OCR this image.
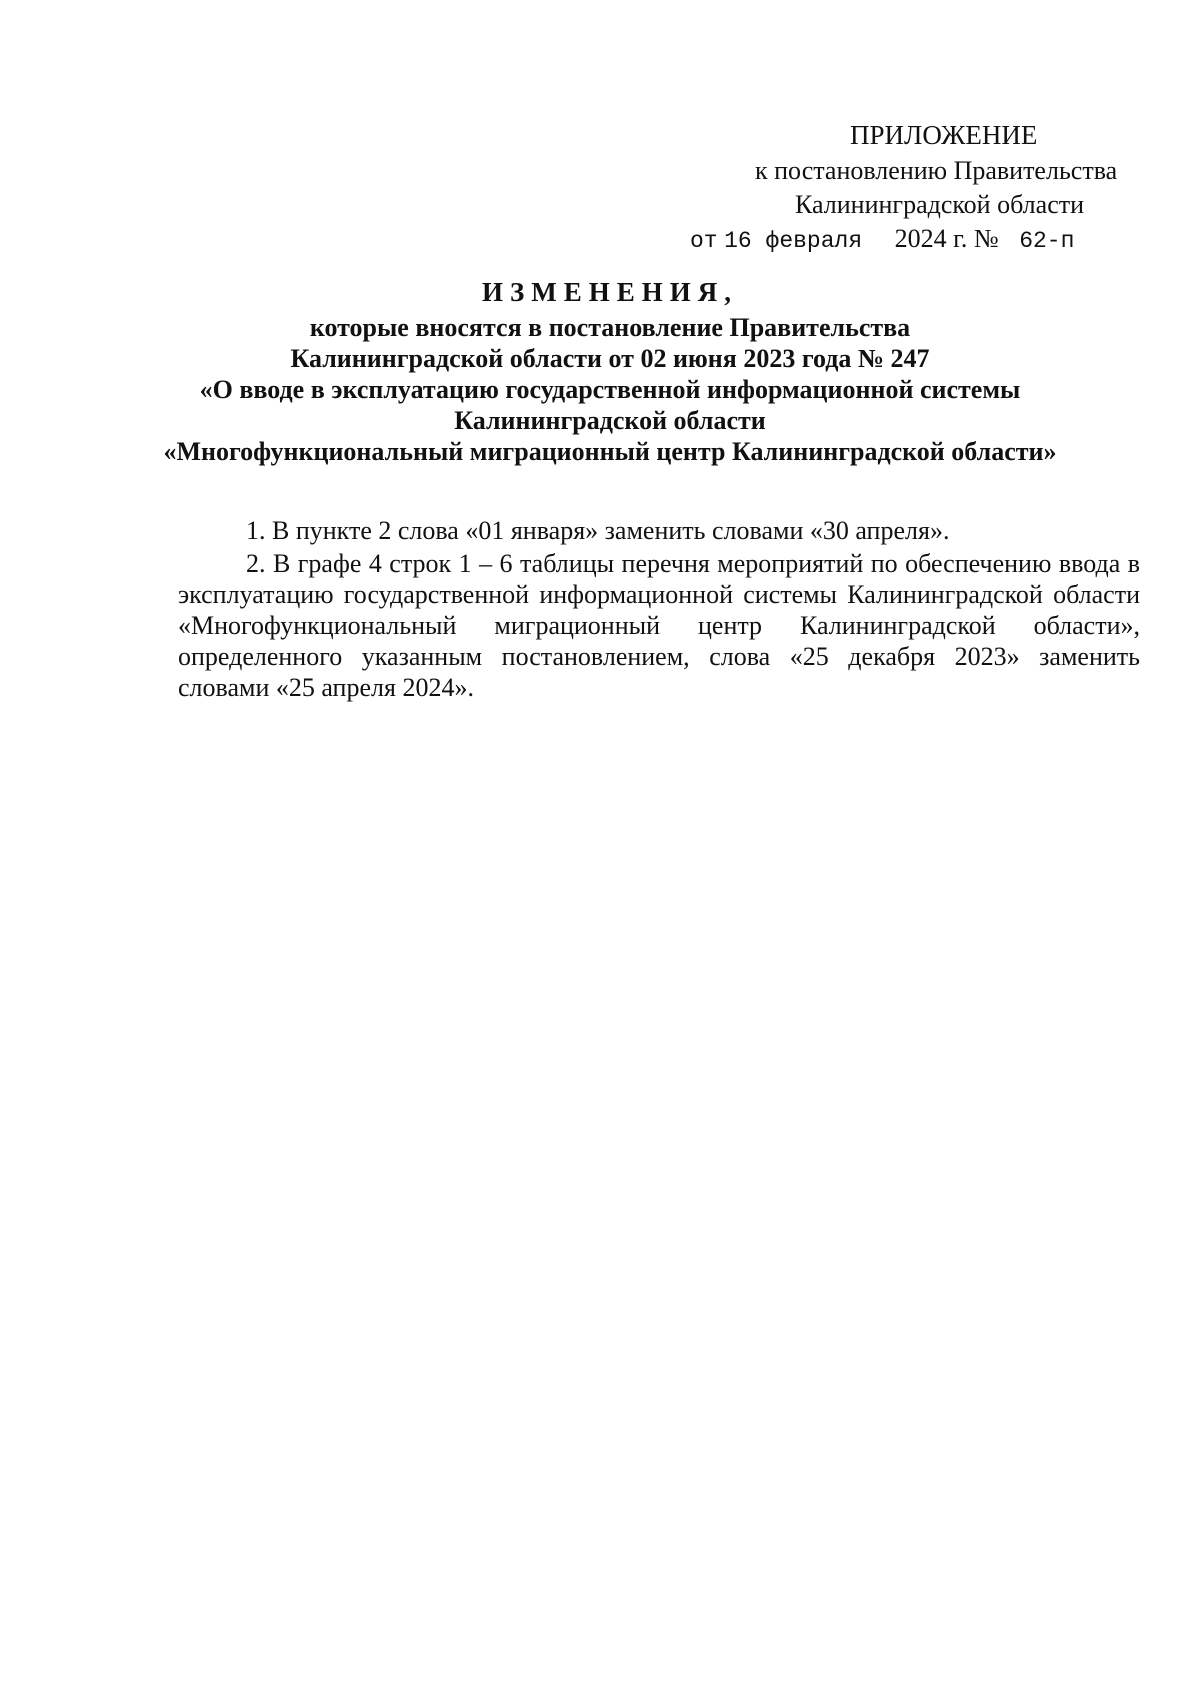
ПРИЛОЖЕНИЕ
к постановлению Правительства
Калининградской области
от 16 февраля 2024 г. № 62-п
ИЗМЕНЕНИЯ,
которые вносятся в постановление Правительства
Калининградской области от 02 июня 2023 года № 247
«О вводе в эксплуатацию государственной информационной системы
Калининградской области
«Многофункциональный миграционный центр Калининградской области»

1. В пункте 2 слова «01 января» заменить словами «30 апреля».

2. В графе 4 строк 1 – 6 таблицы перечня мероприятий по обеспечению ввода в эксплуатацию государственной информационной системы Калининградской области «Многофункциональный миграционный центр Калининградской области», определенного указанным постановлением, слова «25 декабря 2023» заменить словами «25 апреля 2024».
